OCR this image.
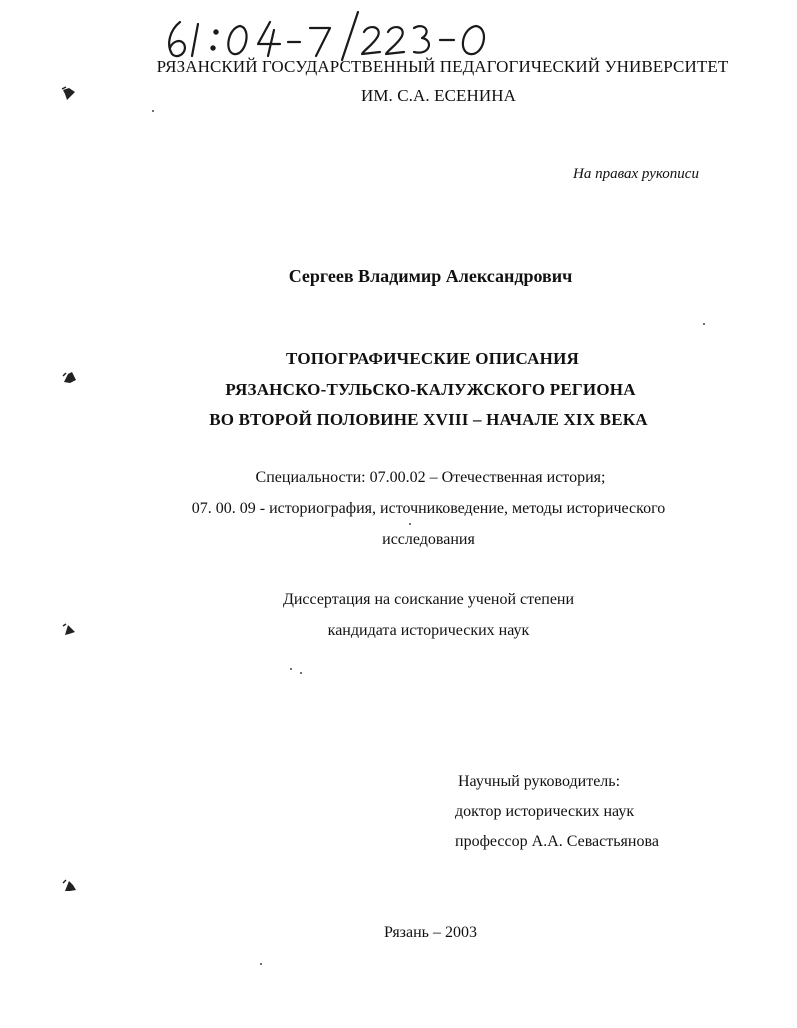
РЯЗАНСКИЙ ГОСУДАРСТВЕННЫЙ ПЕДАГОГИЧЕСКИЙ УНИВЕРСИТЕТ
ИМ. С.А. ЕСЕНИНА
На правах рукописи
Сергеев Владимир Александрович
ТОПОГРАФИЧЕСКИЕ ОПИСАНИЯ
РЯЗАНСКО-ТУЛЬСКО-КАЛУЖСКОГО РЕГИОНА
ВО ВТОРОЙ ПОЛОВИНЕ XVIII – НАЧАЛЕ XIX ВЕКА
Специальности: 07.00.02 – Отечественная история;
07. 00. 09 - историография, источниковедение, методы исторического
исследования
Диссертация на соискание ученой степени
кандидата исторических наук
Научный руководитель:
доктор исторических наук
профессор А.А. Севастьянова
Рязань – 2003
